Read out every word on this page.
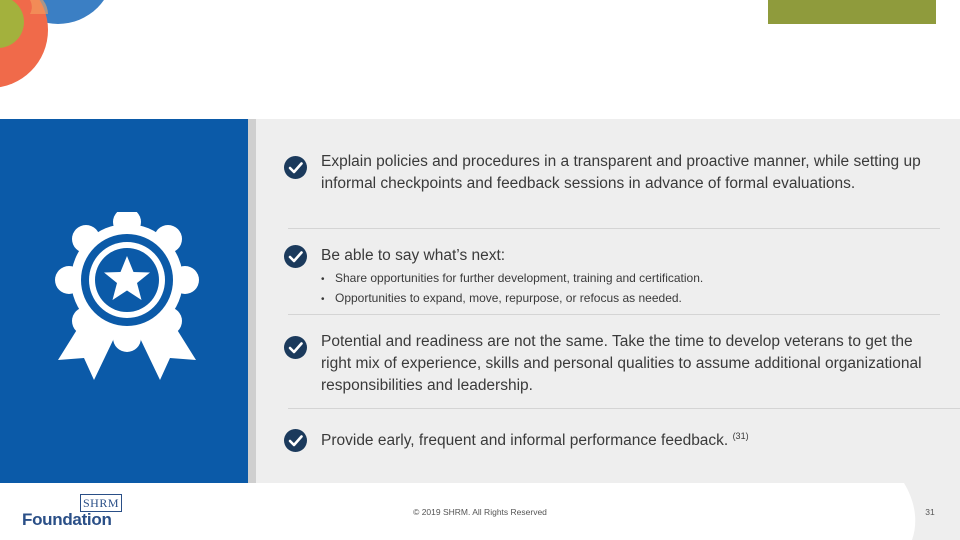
Explain policies and procedures in a transparent and proactive manner, while setting up informal checkpoints and feedback sessions in advance of formal evaluations.
Be able to say what’s next:
• Share opportunities for further development, training and certification.
• Opportunities to expand, move, repurpose, or refocus as needed.
Potential and readiness are not the same. Take the time to develop veterans to get the right mix of experience, skills and personal qualities to assume additional organizational responsibilities and leadership.
Provide early, frequent and informal performance feedback. $^{(31)}$
SHRM
Foundation	© 2019 SHRM. All Rights Reserved	31
